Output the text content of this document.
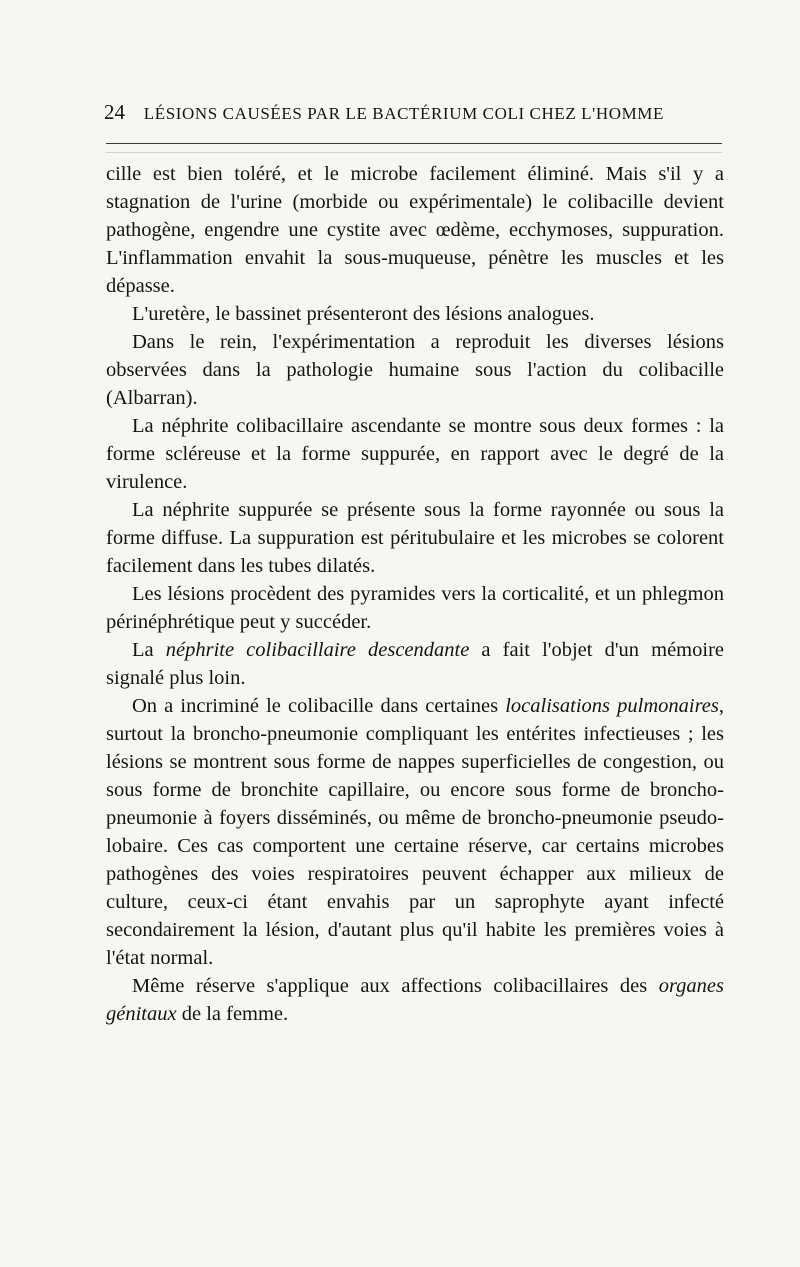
24 LÉSIONS CAUSÉES PAR LE BACTÉRIUM COLI CHEZ L'HOMME

cille est bien toléré, et le microbe facilement éliminé. Mais s'il y a stagnation de l'urine (morbide ou expérimentale) le colibacille devient pathogène, engendre une cystite avec œdème, ecchymoses, suppuration. L'inflammation envahit la sous-muqueuse, pénètre les muscles et les dépasse.

L'uretère, le bassinet présenteront des lésions analogues.

Dans le rein, l'expérimentation a reproduit les diverses lésions observées dans la pathologie humaine sous l'action du colibacille (Albarran).

La néphrite colibacillaire ascendante se montre sous deux formes : la forme scléreuse et la forme suppurée, en rapport avec le degré de la virulence.

La néphrite suppurée se présente sous la forme rayonnée ou sous la forme diffuse. La suppuration est péritubulaire et les microbes se colorent facilement dans les tubes dilatés.

Les lésions procèdent des pyramides vers la corticalité, et un phlegmon périnéphrétique peut y succéder.

La néphrite colibacillaire descendante a fait l'objet d'un mémoire signalé plus loin.

On a incriminé le colibacille dans certaines localisations pulmonaires, surtout la broncho-pneumonie compliquant les entérites infectieuses ; les lésions se montrent sous forme de nappes superficielles de congestion, ou sous forme de bronchite capillaire, ou encore sous forme de broncho-pneumonie à foyers disséminés, ou même de broncho-pneumonie pseudo-lobaire. Ces cas comportent une certaine réserve, car certains microbes pathogènes des voies respiratoires peuvent échapper aux milieux de culture, ceux-ci étant envahis par un saprophyte ayant infecté secondairement la lésion, d'autant plus qu'il habite les premières voies à l'état normal.

Même réserve s'applique aux affections colibacillaires des organes génitaux de la femme.
